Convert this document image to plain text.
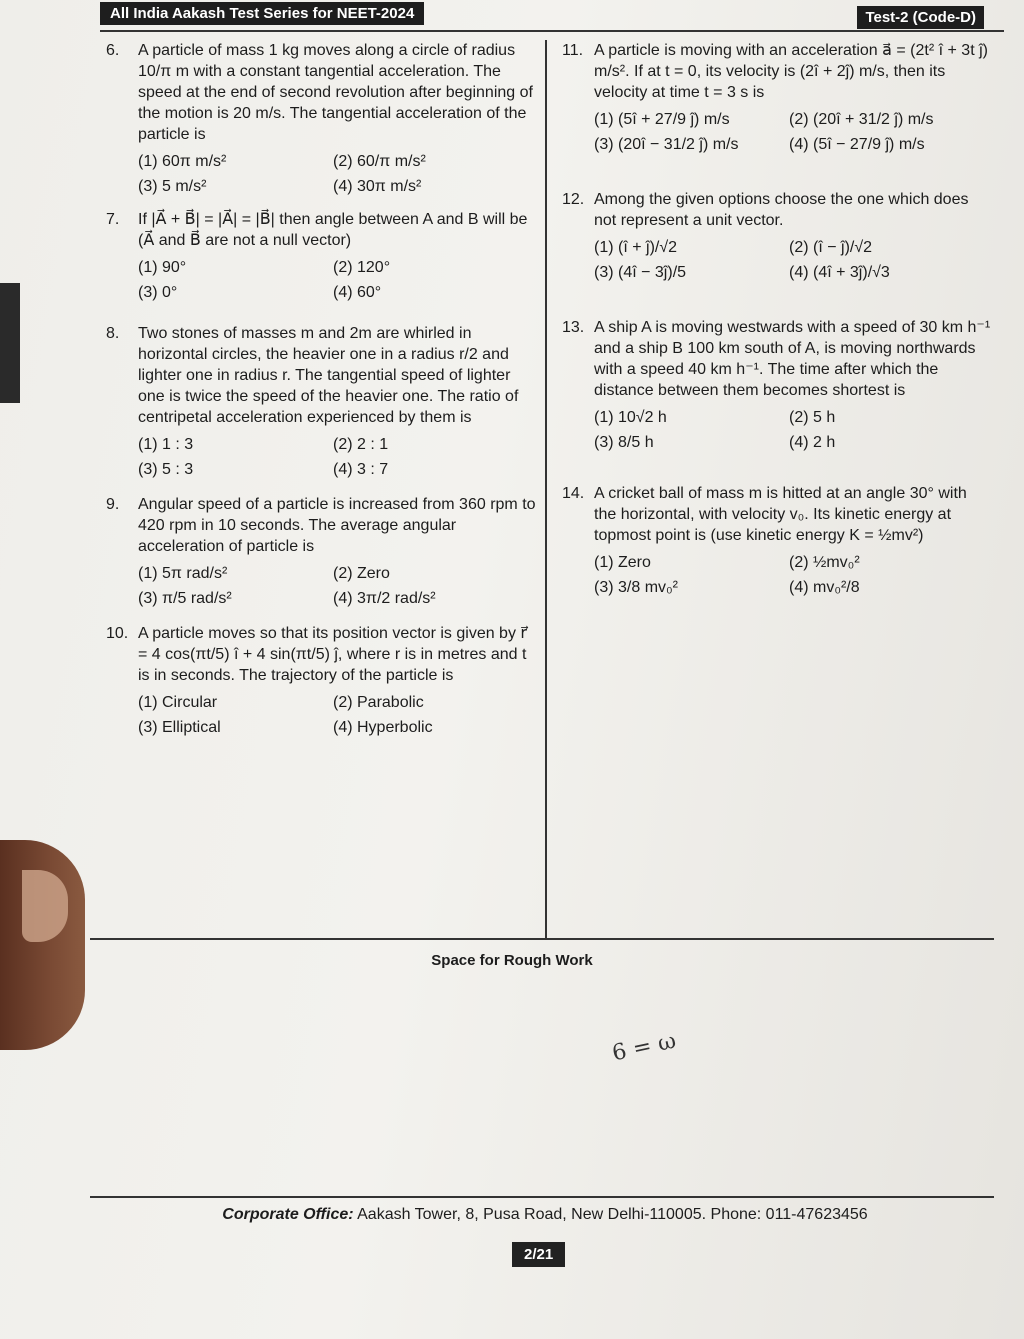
All India Aakash Test Series for NEET-2024	Test-2 (Code-D)
6.	A particle of mass 1 kg moves along a circle of radius 10/π m with a constant tangential acceleration. The speed at the end of second revolution after beginning of the motion is 20 m/s. The tangential acceleration of the particle is
(1) 60π m/s²	(2) 60/π m/s²
(3) 5 m/s²	(4) 30π m/s²
7.	If |A⃗ + B⃗| = |A⃗| = |B⃗| then angle between A and B will be (A⃗ and B⃗ are not a null vector)
(1) 90°	(2) 120°
(3) 0°	(4) 60°
8.	Two stones of masses m and 2m are whirled in horizontal circles, the heavier one in a radius r/2 and lighter one in radius r. The tangential speed of lighter one is twice the speed of the heavier one. The ratio of centripetal acceleration experienced by them is
(1) 1 : 3	(2) 2 : 1
(3) 5 : 3	(4) 3 : 7
9.	Angular speed of a particle is increased from 360 rpm to 420 rpm in 10 seconds. The average angular acceleration of particle is
(1) 5π rad/s²	(2) Zero
(3) π/5 rad/s²	(4) 3π/2 rad/s²
10. A particle moves so that its position vector is given by r⃗ = 4 cos(πt/5) î + 4 sin(πt/5) ĵ, where r is in metres and t is in seconds. The trajectory of the particle is
(1) Circular	(2) Parabolic
(3) Elliptical	(4) Hyperbolic
11. A particle is moving with an acceleration a⃗ = (2t² î + 3t ĵ) m/s². If at t = 0, its velocity is (2î + 2ĵ) m/s, then its velocity at time t = 3 s is
(1) (5î + 27/9 ĵ) m/s	(2) (20î + 31/2 ĵ) m/s
(3) (20î − 31/2 ĵ) m/s	(4) (5î − 27/9 ĵ) m/s
12. Among the given options choose the one which does not represent a unit vector.
(1) (î + ĵ)/√2	(2) (î − ĵ)/√2
(3) (4î − 3ĵ)/5	(4) (4î + 3ĵ)/√3
13. A ship A is moving westwards with a speed of 30 km h⁻¹ and a ship B 100 km south of A, is moving northwards with a speed 40 km h⁻¹. The time after which the distance between them becomes shortest is
(1) 10√2 h	(2) 5 h
(3) 8/5 h	(4) 2 h
14. A cricket ball of mass m is hitted at an angle 30° with the horizontal, with velocity v₀. Its kinetic energy at topmost point is (use kinetic energy K = ½mv²)
(1) Zero	(2) ½mv₀²
(3) 3/8 mv₀²	(4) mv₀²/8
Space for Rough Work
6 = ω
Corporate Office: Aakash Tower, 8, Pusa Road, New Delhi-110005. Phone: 011-47623456
2/21
